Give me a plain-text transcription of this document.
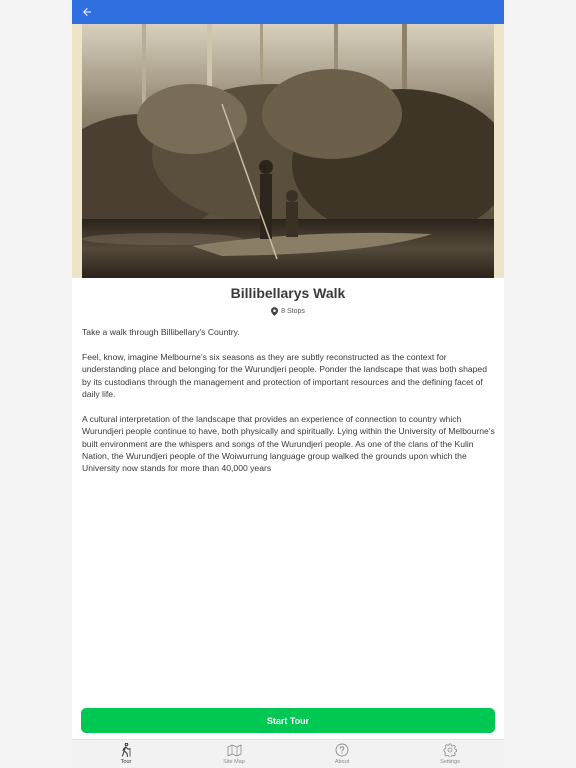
Billibellarys Walk
8 Stops

Take a walk through Billibellary's Country.

Feel, know, imagine Melbourne's six seasons as they are subtly reconstructed as the context for understanding place and belonging for the Wurundjeri people. Ponder the landscape that was both shaped by its custodians through the management and protection of important resources and the defining facet of daily life.

A cultural interpretation of the landscape that provides an experience of connection to country which Wurundjeri people continue to have, both physically and spiritually. Lying within the University of Melbourne's built environment are the whispers and songs of the Wurundjeri people. As one of the clans of the Kulin Nation, the Wurundjeri people of the Woiwurrung language group walked the grounds upon which the University now stands for more than 40,000 years

Start Tour
Tour	Site Map	About	Settings
